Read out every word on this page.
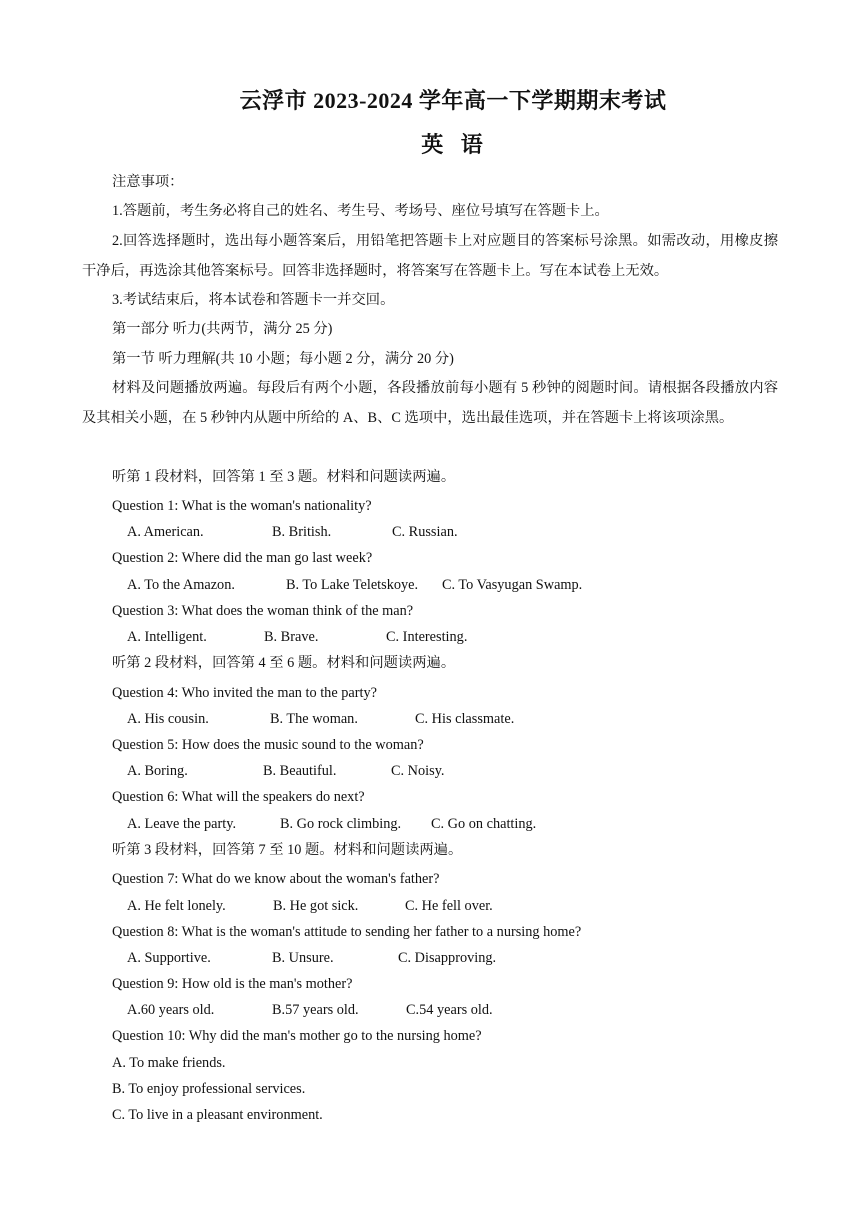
云浮市 2023-2024 学年高一下学期期末考试
英 语
注意事项：
1.答题前，考生务必将自己的姓名、考生号、考场号、座位号填写在答题卡上。
2.回答选择题时，选出每小题答案后，用铅笔把答题卡上对应题目的答案标号涂黑。如需改动，用橡皮擦干净后，再选涂其他答案标号。回答非选择题时，将答案写在答题卡上。写在本试卷上无效。
3.考试结束后，将本试卷和答题卡一并交回。
第一部分 听力(共两节，满分 25 分)
第一节 听力理解(共 10 小题；每小题 2 分，满分 20 分)
材料及问题播放两遍。每段后有两个小题，各段播放前每小题有 5 秒钟的阅题时间。请根据各段播放内容及其相关小题，在 5 秒钟内从题中所给的 A、B、C 选项中，选出最佳选项，并在答题卡上将该项涂黑。
听第 1 段材料，回答第 1 至 3 题。材料和问题读两遍。
Question 1: What is the woman's nationality?
A. American.	B. British.	C. Russian.
Question 2: Where did the man go last week?
A. To the Amazon.	B. To Lake Teletskoye. C. To Vasyugan Swamp.
Question 3: What does the woman think of the man?
A. Intelligent.	B. Brave.	C. Interesting.
听第 2 段材料，回答第 4 至 6 题。材料和问题读两遍。
Question 4: Who invited the man to the party?
A. His cousin.	B. The woman.	C. His classmate.
Question 5: How does the music sound to the woman?
A. Boring.	B. Beautiful.	C. Noisy.
Question 6: What will the speakers do next?
A. Leave the party.	B. Go rock climbing. C. Go on chatting.
听第 3 段材料，回答第 7 至 10 题。材料和问题读两遍。
Question 7: What do we know about the woman's father?
A. He felt lonely.	B. He got sick.	C. He fell over.
Question 8: What is the woman's attitude to sending her father to a nursing home?
A. Supportive.	B. Unsure.	C. Disapproving.
Question 9: How old is the man's mother?
A.60 years old.	B.57 years old.	C.54 years old.
Question 10: Why did the man's mother go to the nursing home?
A. To make friends.
B. To enjoy professional services.
C. To live in a pleasant environment.
